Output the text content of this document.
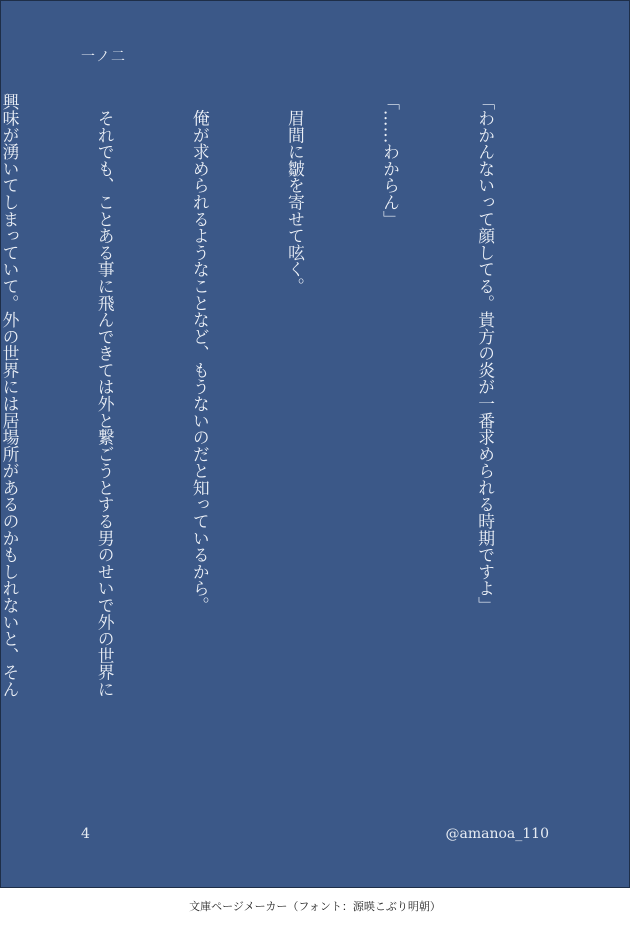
一ノ二

「わかんないって顔してる。貴方の炎が一番求められる時期ですよ」

「……わからん」

　眉間に皺を寄せて呟く。

　俺が求められるようなことなど、もうないのだと知っているから。

　それでも、ことある事に飛んできては外と繋ごうとする男のせいで外の世界に

興味が湧いてしまっていて。外の世界には居場所があるのかもしれないと、そん

4	@amanoa_110
文庫ページメーカー（フォント：源暎こぶり明朝）
